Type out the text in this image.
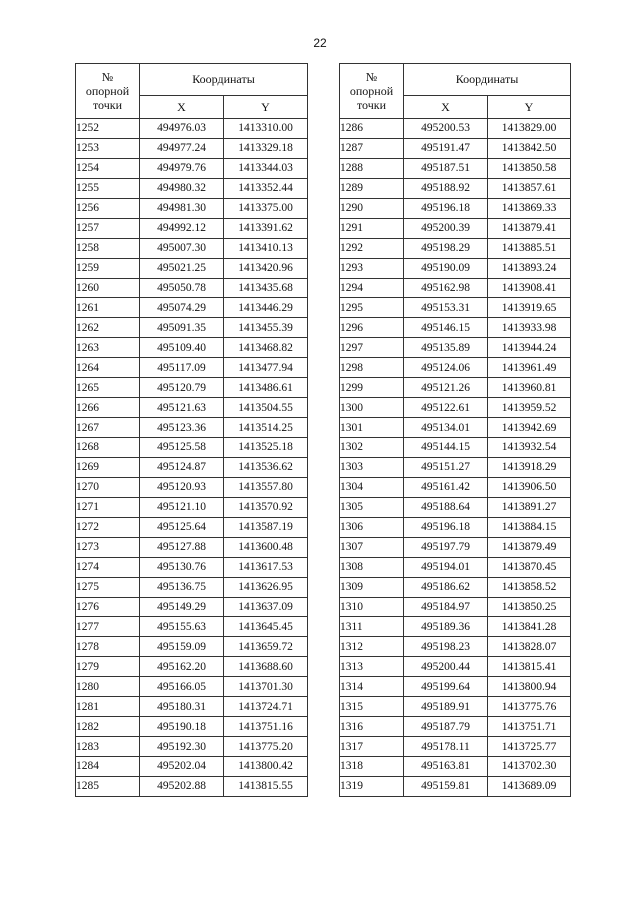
22
№
опорной
точки	Координаты	
	X	Y
1252	494976.03	1413310.00
1253	494977.24	1413329.18
1254	494979.76	1413344.03
1255	494980.32	1413352.44
1256	494981.30	1413375.00
1257	494992.12	1413391.62
1258	495007.30	1413410.13
1259	495021.25	1413420.96
1260	495050.78	1413435.68
1261	495074.29	1413446.29
1262	495091.35	1413455.39
1263	495109.40	1413468.82
1264	495117.09	1413477.94
1265	495120.79	1413486.61
1266	495121.63	1413504.55
1267	495123.36	1413514.25
1268	495125.58	1413525.18
1269	495124.87	1413536.62
1270	495120.93	1413557.80
1271	495121.10	1413570.92
1272	495125.64	1413587.19
1273	495127.88	1413600.48
1274	495130.76	1413617.53
1275	495136.75	1413626.95
1276	495149.29	1413637.09
1277	495155.63	1413645.45
1278	495159.09	1413659.72
1279	495162.20	1413688.60
1280	495166.05	1413701.30
1281	495180.31	1413724.71
1282	495190.18	1413751.16
1283	495192.30	1413775.20
1284	495202.04	1413800.42
1285	495202.88	1413815.55
№
опорной
точки	Координаты	
	X	Y
1286	495200.53	1413829.00
1287	495191.47	1413842.50
1288	495187.51	1413850.58
1289	495188.92	1413857.61
1290	495196.18	1413869.33
1291	495200.39	1413879.41
1292	495198.29	1413885.51
1293	495190.09	1413893.24
1294	495162.98	1413908.41
1295	495153.31	1413919.65
1296	495146.15	1413933.98
1297	495135.89	1413944.24
1298	495124.06	1413961.49
1299	495121.26	1413960.81
1300	495122.61	1413959.52
1301	495134.01	1413942.69
1302	495144.15	1413932.54
1303	495151.27	1413918.29
1304	495161.42	1413906.50
1305	495188.64	1413891.27
1306	495196.18	1413884.15
1307	495197.79	1413879.49
1308	495194.01	1413870.45
1309	495186.62	1413858.52
1310	495184.97	1413850.25
1311	495189.36	1413841.28
1312	495198.23	1413828.07
1313	495200.44	1413815.41
1314	495199.64	1413800.94
1315	495189.91	1413775.76
1316	495187.79	1413751.71
1317	495178.11	1413725.77
1318	495163.81	1413702.30
1319	495159.81	1413689.09
